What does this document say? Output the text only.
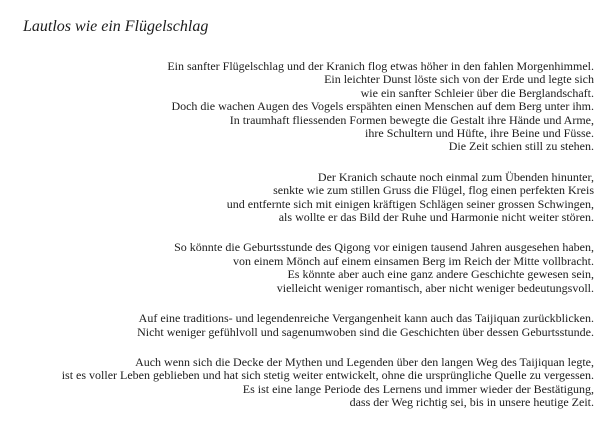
Lautlos wie ein Flügelschlag

Ein sanfter Flügelschlag und der Kranich flog etwas höher in den fahlen Morgenhimmel.
Ein leichter Dunst löste sich von der Erde und legte sich
wie ein sanfter Schleier über die Berglandschaft.
Doch die wachen Augen des Vogels erspähten einen Menschen auf dem Berg unter ihm.
In traumhaft fliessenden Formen bewegte die Gestalt ihre Hände und Arme,
ihre Schultern und Hüfte, ihre Beine und Füsse.
Die Zeit schien still zu stehen.

Der Kranich schaute noch einmal zum Übenden hinunter,
senkte wie zum stillen Gruss die Flügel, flog einen perfekten Kreis
und entfernte sich mit einigen kräftigen Schlägen seiner grossen Schwingen,
als wollte er das Bild der Ruhe und Harmonie nicht weiter stören.

So könnte die Geburtsstunde des Qigong vor einigen tausend Jahren ausgesehen haben,
von einem Mönch auf einem einsamen Berg im Reich der Mitte vollbracht.
Es könnte aber auch eine ganz andere Geschichte gewesen sein,
vielleicht weniger romantisch, aber nicht weniger bedeutungsvoll.

Auf eine traditions- und legendenreiche Vergangenheit kann auch das Taijiquan zurückblicken.
Nicht weniger gefühlvoll und sagenumwoben sind die Geschichten über dessen Geburtsstunde.

Auch wenn sich die Decke der Mythen und Legenden über den langen Weg des Taijiquan legte,
ist es voller Leben geblieben und hat sich stetig weiter entwickelt, ohne die ursprüngliche Quelle zu vergessen.
Es ist eine lange Periode des Lernens und immer wieder der Bestätigung,
dass der Weg richtig sei, bis in unsere heutige Zeit.
